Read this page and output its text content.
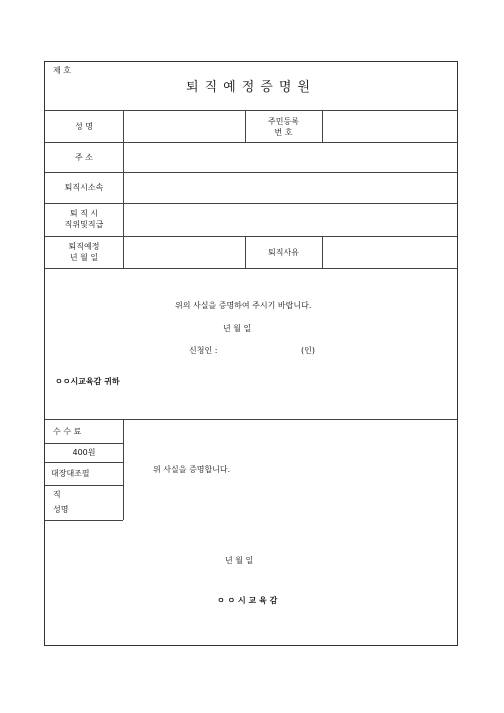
제 호
퇴직예정증명원
성 명
주민등록
번 호
주 소
퇴직시소속
퇴 직 시
직위및직급
퇴직예정
년 월 일
퇴직사유
위의 사실을 증명하여 주시기 바랍니다.
년 월 일
신청인 :	(인)
ㅇㅇ시교육감 귀하
수 수 료
400원
대장대조필
직
성명
위 사실을 증명합니다.
년 월 일
ㅇ ㅇ 시 교 육 감
